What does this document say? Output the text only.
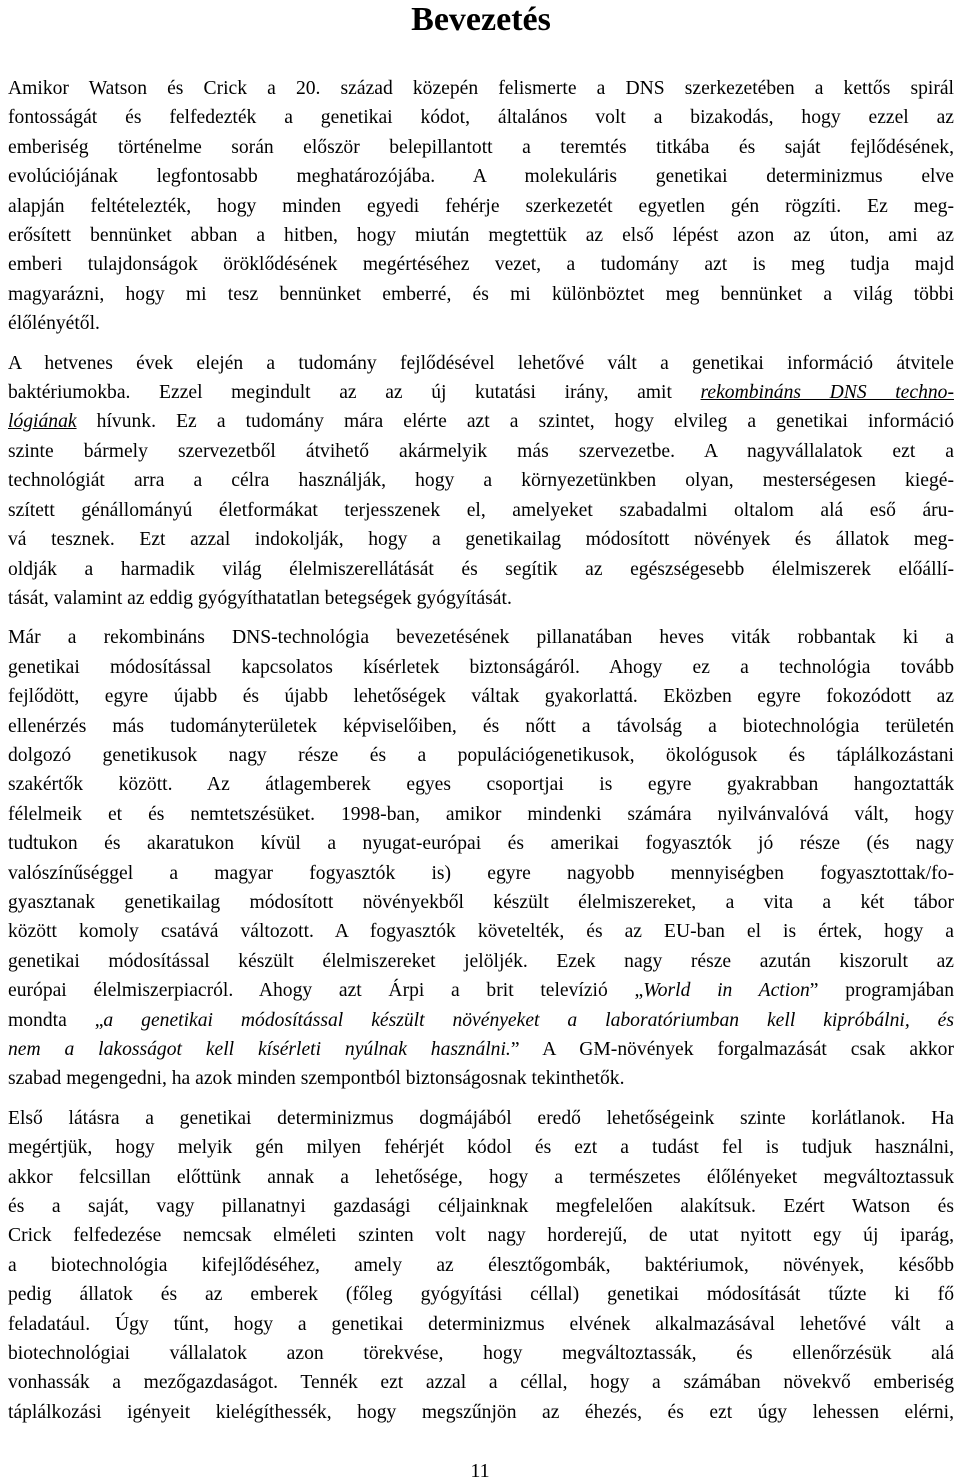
Bevezetés

Amikor Watson és Crick a 20. század közepén felismerte a DNS szerkezetében a kettős spirál
fontosságát és felfedezték a genetikai kódot, általános volt a bizakodás, hogy ezzel az
emberiség történelme során először belepillantott a teremtés titkába és saját fejlődésének,
evolúciójának legfontosabb meghatározójába. A molekuláris genetikai determinizmus elve
alapján feltételezték, hogy minden egyedi fehérje szerkezetét egyetlen gén rögzíti. Ez meg-
erősített bennünket abban a hitben, hogy miután megtettük az első lépést azon az úton, ami az
emberi tulajdonságok öröklődésének megértéséhez vezet, a tudomány azt is meg tudja majd
magyarázni, hogy mi tesz bennünket emberré, és mi különböztet meg bennünket a világ többi
élőlényétől.

A hetvenes évek elején a tudomány fejlődésével lehetővé vált a genetikai információ átvitele
baktériumokba. Ezzel megindult az az új kutatási irány, amit rekombináns DNS techno-
lógiának hívunk. Ez a tudomány mára elérte azt a szintet, hogy elvileg a genetikai információ
szinte bármely szervezetből átvihető akármelyik más szervezetbe. A nagyvállalatok ezt a
technológiát arra a célra használják, hogy a környezetünkben olyan, mesterségesen kiegé-
szített génállományú életformákat terjesszenek el, amelyeket szabadalmi oltalom alá eső áru-
vá tesznek. Ezt azzal indokolják, hogy a genetikailag módosított növények és állatok meg-
oldják a harmadik világ élelmiszerellátását és segítik az egészségesebb élelmiszerek előállí-
tását, valamint az eddig gyógyíthatatlan betegségek gyógyítását.

Már a rekombináns DNS-technológia bevezetésének pillanatában heves viták robbantak ki a
genetikai módosítással kapcsolatos kísérletek biztonságáról. Ahogy ez a technológia tovább
fejlődött, egyre újabb és újabb lehetőségek váltak gyakorlattá. Eközben egyre fokozódott az
ellenérzés más tudományterületek képviselőiben, és nőtt a távolság a biotechnológia területén
dolgozó genetikusok nagy része és a populációgenetikusok, ökológusok és táplálkozástani
szakértők között. Az átlagemberek egyes csoportjai is egyre gyakrabban hangoztatták
félelmeik et és nemtetszésüket. 1998-ban, amikor mindenki számára nyilvánvalóvá vált, hogy
tudtukon és akaratukon kívül a nyugat-európai és amerikai fogyasztók jó része (és nagy
valószínűséggel a magyar fogyasztók is) egyre nagyobb mennyiségben fogyasztottak/fo-
gyasztanak genetikailag módosított növényekből készült élelmiszereket, a vita a két tábor
között komoly csatává változott. A fogyasztók követelték, és az EU-ban el is értek, hogy a
genetikai módosítással készült élelmiszereket jelöljék. Ezek nagy része azután kiszorult az
európai élelmiszerpiacról. Ahogy azt Árpi a brit televízió „World in Action” programjában
mondta „a genetikai módosítással készült növényeket a laboratóriumban kell kipróbálni, és
nem a lakosságot kell kísérleti nyúlnak használni.” A GM-növények forgalmazását csak akkor
szabad megengedni, ha azok minden szempontból biztonságosnak tekinthetők.

Első látásra a genetikai determinizmus dogmájából eredő lehetőségeink szinte korlátlanok. Ha
megértjük, hogy melyik gén milyen fehérjét kódol és ezt a tudást fel is tudjuk használni,
akkor felcsillan előttünk annak a lehetősége, hogy a természetes élőlényeket megváltoztassuk
és a saját, vagy pillanatnyi gazdasági céljainknak megfelelően alakítsuk. Ezért Watson és
Crick felfedezése nemcsak elméleti szinten volt nagy horderejű, de utat nyitott egy új iparág,
a biotechnológia kifejlődéséhez, amely az élesztőgombák, baktériumok, növények, később
pedig állatok és az emberek (főleg gyógyítási céllal) genetikai módosítását tűzte ki fő
feladatául. Úgy tűnt, hogy a genetikai determinizmus elvének alkalmazásával lehetővé vált a
biotechnológiai vállalatok azon törekvése, hogy megváltoztassák, és ellenőrzésük alá
vonhassák a mezőgazdaságot. Tennék ezt azzal a céllal, hogy a számában növekvő emberiség
táplálkozási igényeit kielégíthessék, hogy megszűnjön az éhezés, és ezt úgy lehessen elérni,

11
